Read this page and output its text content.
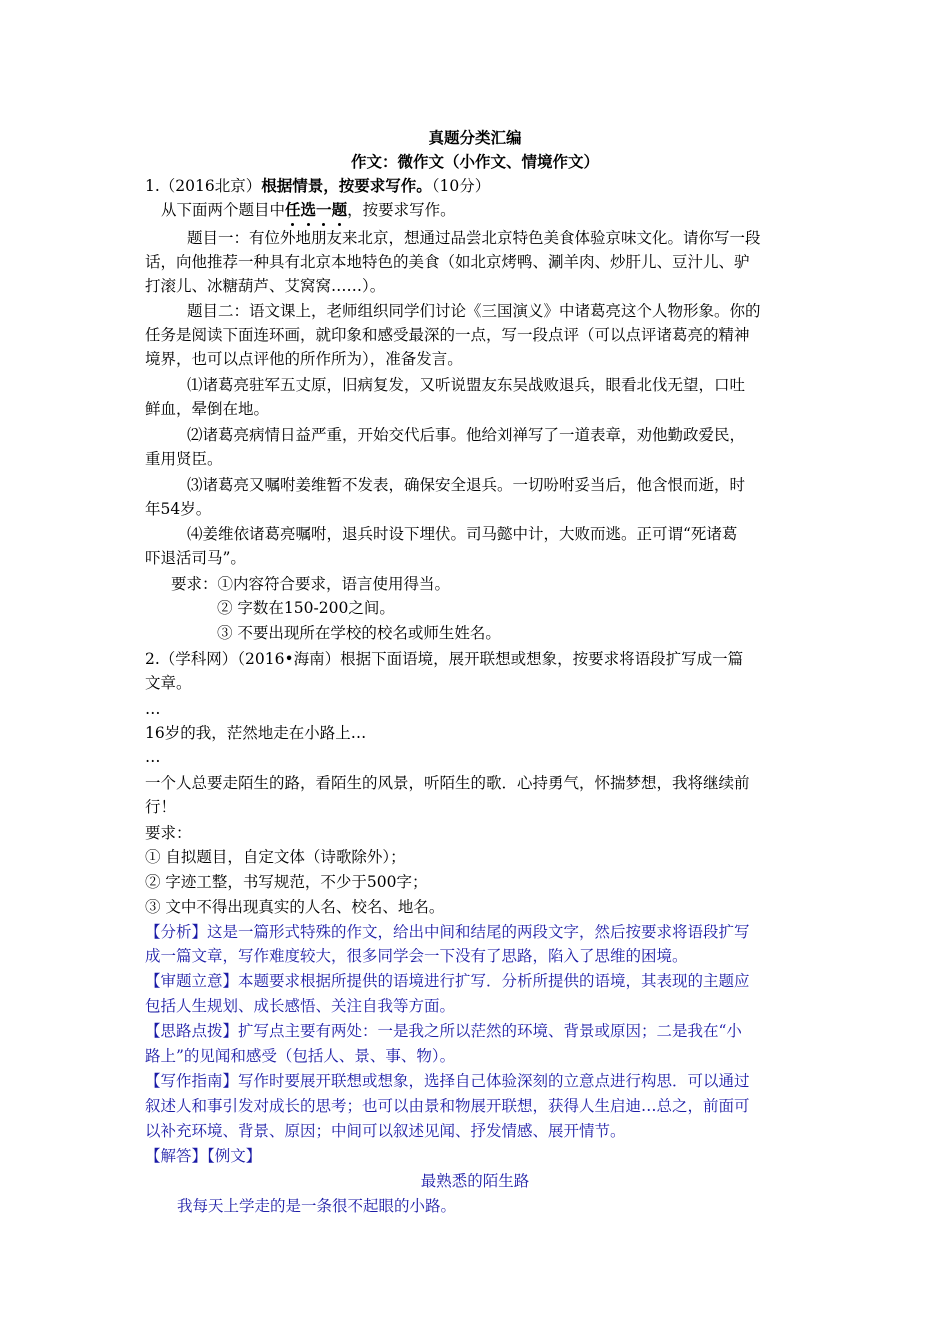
真题分类汇编
作文：微作文（小作文、情境作文）
1.（2016北京）根据情景，按要求写作。（10分）
从下面两个题目中任选一题，按要求写作。
题目一：有位外地朋友来北京，想通过品尝北京特色美食体验京味文化。请你写一段
话，向他推荐一种具有北京本地特色的美食（如北京烤鸭、涮羊肉、炒肝儿、豆汁儿、驴
打滚儿、冰糖葫芦、艾窝窝……）。
题目二：语文课上，老师组织同学们讨论《三国演义》中诸葛亮这个人物形象。你的
任务是阅读下面连环画，就印象和感受最深的一点，写一段点评（可以点评诸葛亮的精神
境界，也可以点评他的所作所为），准备发言。
⑴诸葛亮驻军五丈原，旧病复发，又听说盟友东吴战败退兵，眼看北伐无望，口吐
鲜血，晕倒在地。
⑵诸葛亮病情日益严重，开始交代后事。他给刘禅写了一道表章，劝他勤政爱民，
重用贤臣。
⑶诸葛亮又嘱咐姜维暂不发表，确保安全退兵。一切吩咐妥当后，他含恨而逝，时
年54岁。
⑷姜维依诸葛亮嘱咐，退兵时设下埋伏。司马懿中计，大败而逃。正可谓“死诸葛
吓退活司马”。
要求：①内容符合要求，语言使用得当。
② 字数在150-200之间。
③ 不要出现所在学校的校名或师生姓名。
2.（学科网）（2016•海南）根据下面语境，展开联想或想象，按要求将语段扩写成一篇
文章。
…
16岁的我，茫然地走在小路上…
…
一个人总要走陌生的路，看陌生的风景，听陌生的歌．心持勇气，怀揣梦想，我将继续前
行！
要求：
① 自拟题目，自定文体（诗歌除外）；
② 字迹工整，书写规范，不少于500字；
③ 文中不得出现真实的人名、校名、地名。
【分析】这是一篇形式特殊的作文，给出中间和结尾的两段文字，然后按要求将语段扩写
成一篇文章，写作难度较大，很多同学会一下没有了思路，陷入了思维的困境。
【审题立意】本题要求根据所提供的语境进行扩写．分析所提供的语境，其表现的主题应
包括人生规划、成长感悟、关注自我等方面。
【思路点拨】扩写点主要有两处：一是我之所以茫然的环境、背景或原因；二是我在“小
路上”的见闻和感受（包括人、景、事、物）。
【写作指南】写作时要展开联想或想象，选择自己体验深刻的立意点进行构思．可以通过
叙述人和事引发对成长的思考；也可以由景和物展开联想，获得人生启迪…总之，前面可
以补充环境、背景、原因；中间可以叙述见闻、抒发情感、展开情节。
【解答】【例文】
最熟悉的陌生路
我每天上学走的是一条很不起眼的小路。
